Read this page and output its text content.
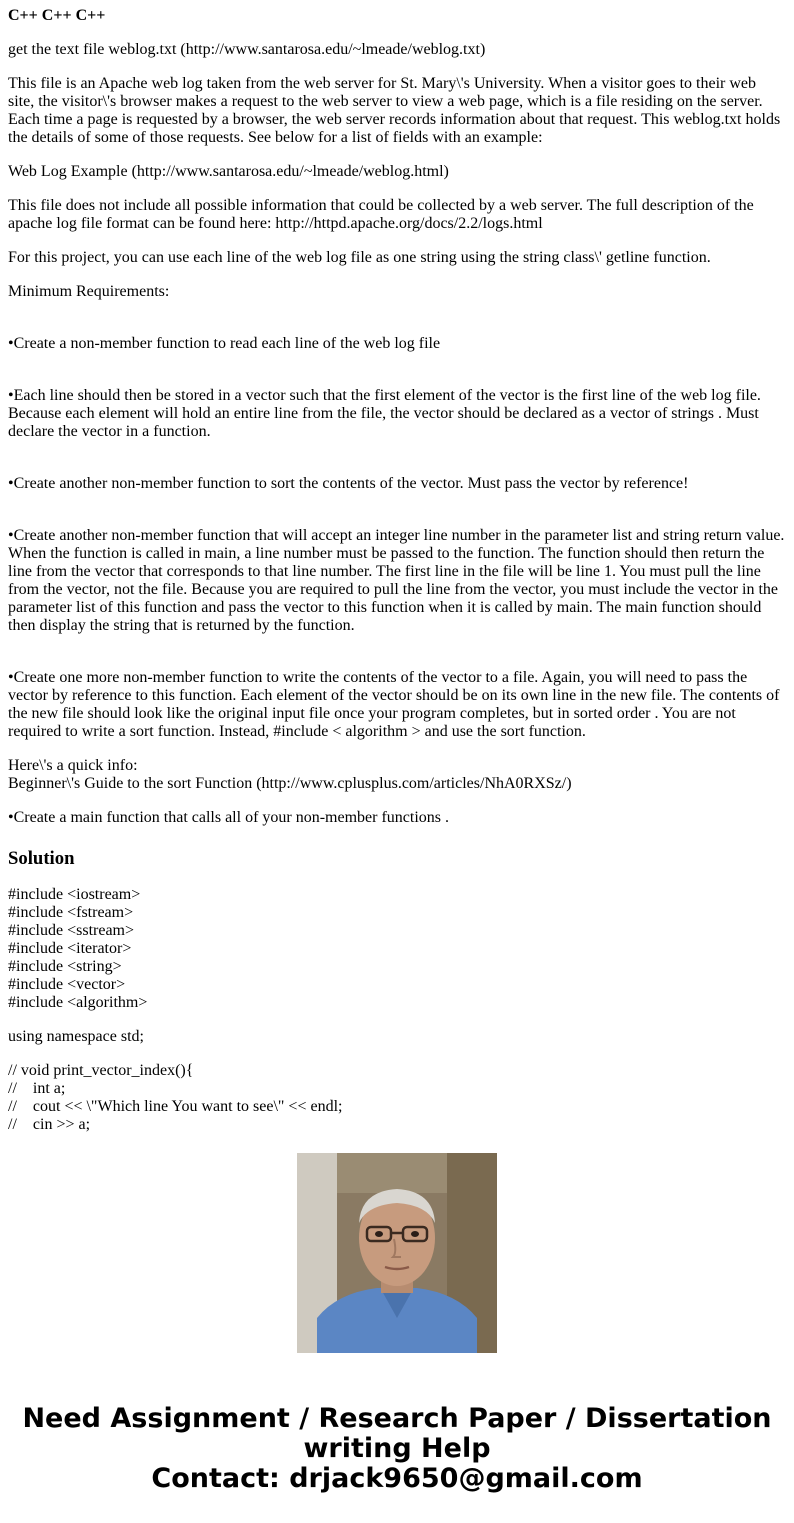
C++ C++ C++

get the text file weblog.txt (http://www.santarosa.edu/~lmeade/weblog.txt)

This file is an Apache web log taken from the web server for St. Mary\'s University. When a visitor goes to their web site, the visitor\'s browser makes a request to the web server to view a web page, which is a file residing on the server. Each time a page is requested by a browser, the web server records information about that request. This weblog.txt holds the details of some of those requests. See below for a list of fields with an example:

Web Log Example (http://www.santarosa.edu/~lmeade/weblog.html)

This file does not include all possible information that could be collected by a web server. The full description of the apache log file format can be found here: http://httpd.apache.org/docs/2.2/logs.html

For this project, you can use each line of the web log file as one string using the string class\' getline function.

Minimum Requirements:

•Create a non-member function to read each line of the web log file

•Each line should then be stored in a vector such that the first element of the vector is the first line of the web log file. Because each element will hold an entire line from the file, the vector should be declared as a vector of strings . Must declare the vector in a function.

•Create another non-member function to sort the contents of the vector. Must pass the vector by reference!

•Create another non-member function that will accept an integer line number in the parameter list and string return value. When the function is called in main, a line number must be passed to the function. The function should then return the line from the vector that corresponds to that line number. The first line in the file will be line 1. You must pull the line from the vector, not the file. Because you are required to pull the line from the vector, you must include the vector in the parameter list of this function and pass the vector to this function when it is called by main. The main function should then display the string that is returned by the function.

•Create one more non-member function to write the contents of the vector to a file. Again, you will need to pass the vector by reference to this function. Each element of the vector should be on its own line in the new file. The contents of the new file should look like the original input file once your program completes, but in sorted order . You are not required to write a sort function. Instead, #include < algorithm > and use the sort function.

Here\'s a quick info:
Beginner\'s Guide to the sort Function (http://www.cplusplus.com/articles/NhA0RXSz/)

•Create a main function that calls all of your non-member functions .

Solution
#include <iostream>
#include <fstream>
#include <sstream>
#include <iterator>
#include <string>
#include <vector>
#include <algorithm>
using namespace std;
// void print_vector_index(){
//    int a;
//    cout << \"Which line You want to see\" << endl;
//    cin >> a;
Need Assignment / Research Paper / Dissertation
writing Help
Contact: drjack9650@gmail.com
